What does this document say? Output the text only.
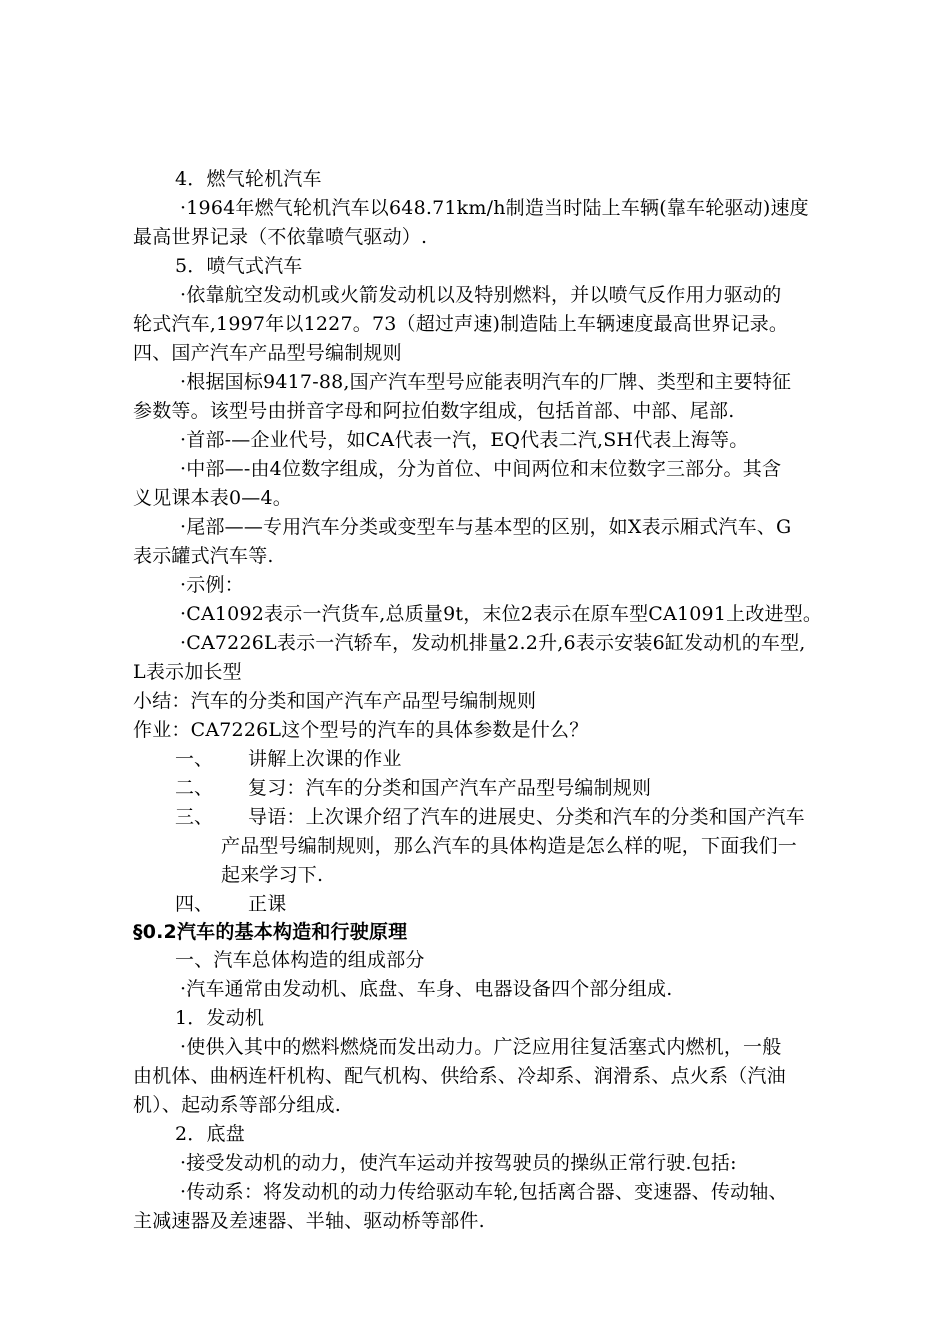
4．燃气轮机汽车
·1964年燃气轮机汽车以648.71km/h制造当时陆上车辆(靠车轮驱动)速度
最高世界记录（不依靠喷气驱动）.
5．喷气式汽车
·依靠航空发动机或火箭发动机以及特别燃料，并以喷气反作用力驱动的
轮式汽车,1997年以1227。73（超过声速)制造陆上车辆速度最高世界记录。
四、国产汽车产品型号编制规则
·根据国标9417-88,国产汽车型号应能表明汽车的厂牌、类型和主要特征
参数等。该型号由拼音字母和阿拉伯数字组成，包括首部、中部、尾部.
·首部-—企业代号，如CA代表一汽，EQ代表二汽,SH代表上海等。
·中部—-由4位数字组成，分为首位、中间两位和末位数字三部分。其含
义见课本表0—4。
·尾部——专用汽车分类或变型车与基本型的区别，如X表示厢式汽车、G
表示罐式汽车等.
·示例：
·CA1092表示一汽货车,总质量9t，末位2表示在原车型CA1091上改进型。
·CA7226L表示一汽轿车，发动机排量2.2升,6表示安装6缸发动机的车型,
L表示加长型
小结：汽车的分类和国产汽车产品型号编制规则
作业：CA7226L这个型号的汽车的具体参数是什么？
一、 讲解上次课的作业
二、 复习：汽车的分类和国产汽车产品型号编制规则
三、 导语：上次课介绍了汽车的进展史、分类和汽车的分类和国产汽车
产品型号编制规则，那么汽车的具体构造是怎么样的呢，下面我们一
起来学习下.
四、 正课
§0.2汽车的基本构造和行驶原理
一、汽车总体构造的组成部分
·汽车通常由发动机、底盘、车身、电器设备四个部分组成.
1．发动机
·使供入其中的燃料燃烧而发出动力。广泛应用往复活塞式内燃机，一般
由机体、曲柄连杆机构、配气机构、供给系、冷却系、润滑系、点火系（汽油
机）、起动系等部分组成.
2．底盘
·接受发动机的动力，使汽车运动并按驾驶员的操纵正常行驶.包括:
·传动系：将发动机的动力传给驱动车轮,包括离合器、变速器、传动轴、
主减速器及差速器、半轴、驱动桥等部件.
